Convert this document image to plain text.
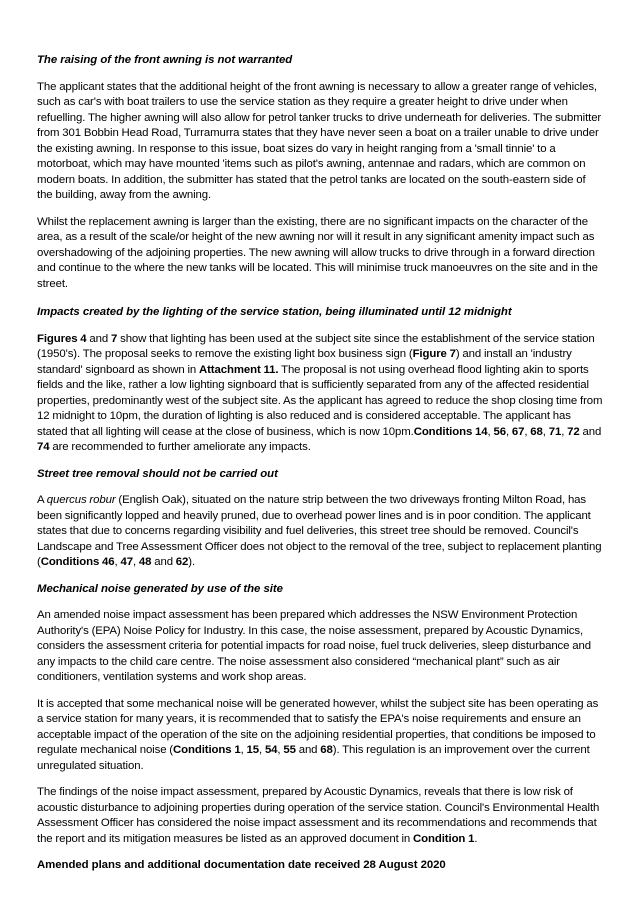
The raising of the front awning is not warranted

The applicant states that the additional height of the front awning is necessary to allow a greater range of vehicles, such as car's with boat trailers to use the service station as they require a greater height to drive under when refuelling. The higher awning will also allow for petrol tanker trucks to drive underneath for deliveries. The submitter from 301 Bobbin Head Road, Turramurra states that they have never seen a boat on a trailer unable to drive under the existing awning. In response to this issue, boat sizes do vary in height ranging from a 'small tinnie' to a motorboat, which may have mounted 'items such as pilot's awning, antennae and radars, which are common on modern boats. In addition, the submitter has stated that the petrol tanks are located on the south-eastern side of the building, away from the awning.

Whilst the replacement awning is larger than the existing, there are no significant impacts on the character of the area, as a result of the scale/or height of the new awning nor will it result in any significant amenity impact such as overshadowing of the adjoining properties. The new awning will allow trucks to drive through in a forward direction and continue to the where the new tanks will be located. This will minimise truck manoeuvres on the site and in the street.

Impacts created by the lighting of the service station, being illuminated until 12 midnight

Figures 4 and 7 show that lighting has been used at the subject site since the establishment of the service station (1950's). The proposal seeks to remove the existing light box business sign (Figure 7) and install an 'industry standard' signboard as shown in Attachment 11. The proposal is not using overhead flood lighting akin to sports fields and the like, rather a low lighting signboard that is sufficiently separated from any of the affected residential properties, predominantly west of the subject site. As the applicant has agreed to reduce the shop closing time from 12 midnight to 10pm, the duration of lighting is also reduced and is considered acceptable. The applicant has stated that all lighting will cease at the close of business, which is now 10pm.Conditions 14, 56, 67, 68, 71, 72 and 74 are recommended to further ameliorate any impacts.

Street tree removal should not be carried out

A quercus robur (English Oak), situated on the nature strip between the two driveways fronting Milton Road, has been significantly lopped and heavily pruned, due to overhead power lines and is in poor condition. The applicant states that due to concerns regarding visibility and fuel deliveries, this street tree should be removed. Council's Landscape and Tree Assessment Officer does not object to the removal of the tree, subject to replacement planting (Conditions 46, 47, 48 and 62).

Mechanical noise generated by use of the site

An amended noise impact assessment has been prepared which addresses the NSW Environment Protection Authority's (EPA) Noise Policy for Industry. In this case, the noise assessment, prepared by Acoustic Dynamics, considers the assessment criteria for potential impacts for road noise, fuel truck deliveries, sleep disturbance and any impacts to the child care centre. The noise assessment also considered “mechanical plant” such as air conditioners, ventilation systems and work shop areas.

It is accepted that some mechanical noise will be generated however, whilst the subject site has been operating as a service station for many years, it is recommended that to satisfy the EPA's noise requirements and ensure an acceptable impact of the operation of the site on the adjoining residential properties, that conditions be imposed to regulate mechanical noise (Conditions 1, 15, 54, 55 and 68). This regulation is an improvement over the current unregulated situation.

The findings of the noise impact assessment, prepared by Acoustic Dynamics, reveals that there is low risk of acoustic disturbance to adjoining properties during operation of the service station. Council's Environmental Health Assessment Officer has considered the noise impact assessment and its recommendations and recommends that the report and its mitigation measures be listed as an approved document in Condition 1.

Amended plans and additional documentation date received 28 August 2020
